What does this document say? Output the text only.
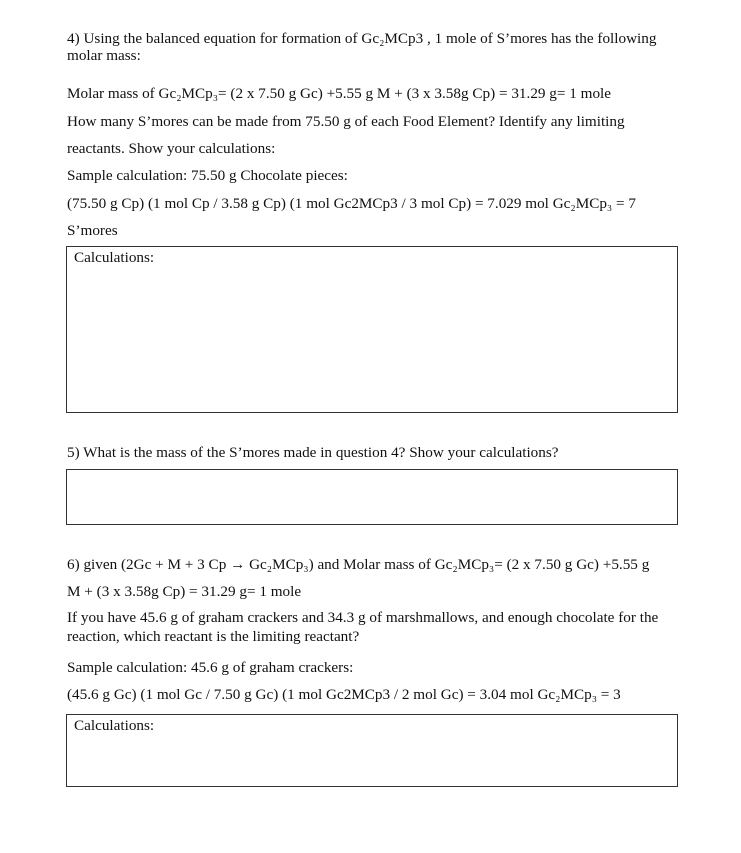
4) Using the balanced equation for formation of Gc₂MCp3 , 1 mole of S’mores has the following
molar mass:
Molar mass of Gc₂MCp₃= (2 x 7.50 g Gc) +5.55 g M + (3 x 3.58g Cp) = 31.29 g= 1 mole
How many S’mores can be made from 75.50 g of each Food Element? Identify any limiting
reactants. Show your calculations:
Sample calculation: 75.50 g Chocolate pieces:
(75.50 g Cp) (1 mol Cp / 3.58 g Cp) (1 mol Gc2MCp3 / 3 mol Cp) = 7.029 mol Gc₂MCp₃ = 7
S’mores
Calculations:
5) What is the mass of the S’mores made in question 4? Show your calculations?
6) given (2Gc + M + 3 Cp → Gc₂MCp₃) and Molar mass of Gc₂MCp₃= (2 x 7.50 g Gc) +5.55 g
M + (3 x 3.58g Cp) = 31.29 g= 1 mole
If you have 45.6 g of graham crackers and 34.3 g of marshmallows, and enough chocolate for the
reaction, which reactant is the limiting reactant?
Sample calculation: 45.6 g of graham crackers:
(45.6 g Gc) (1 mol Gc / 7.50 g Gc) (1 mol Gc2MCp3 / 2 mol Gc) = 3.04 mol Gc₂MCp₃ = 3
Calculations:
